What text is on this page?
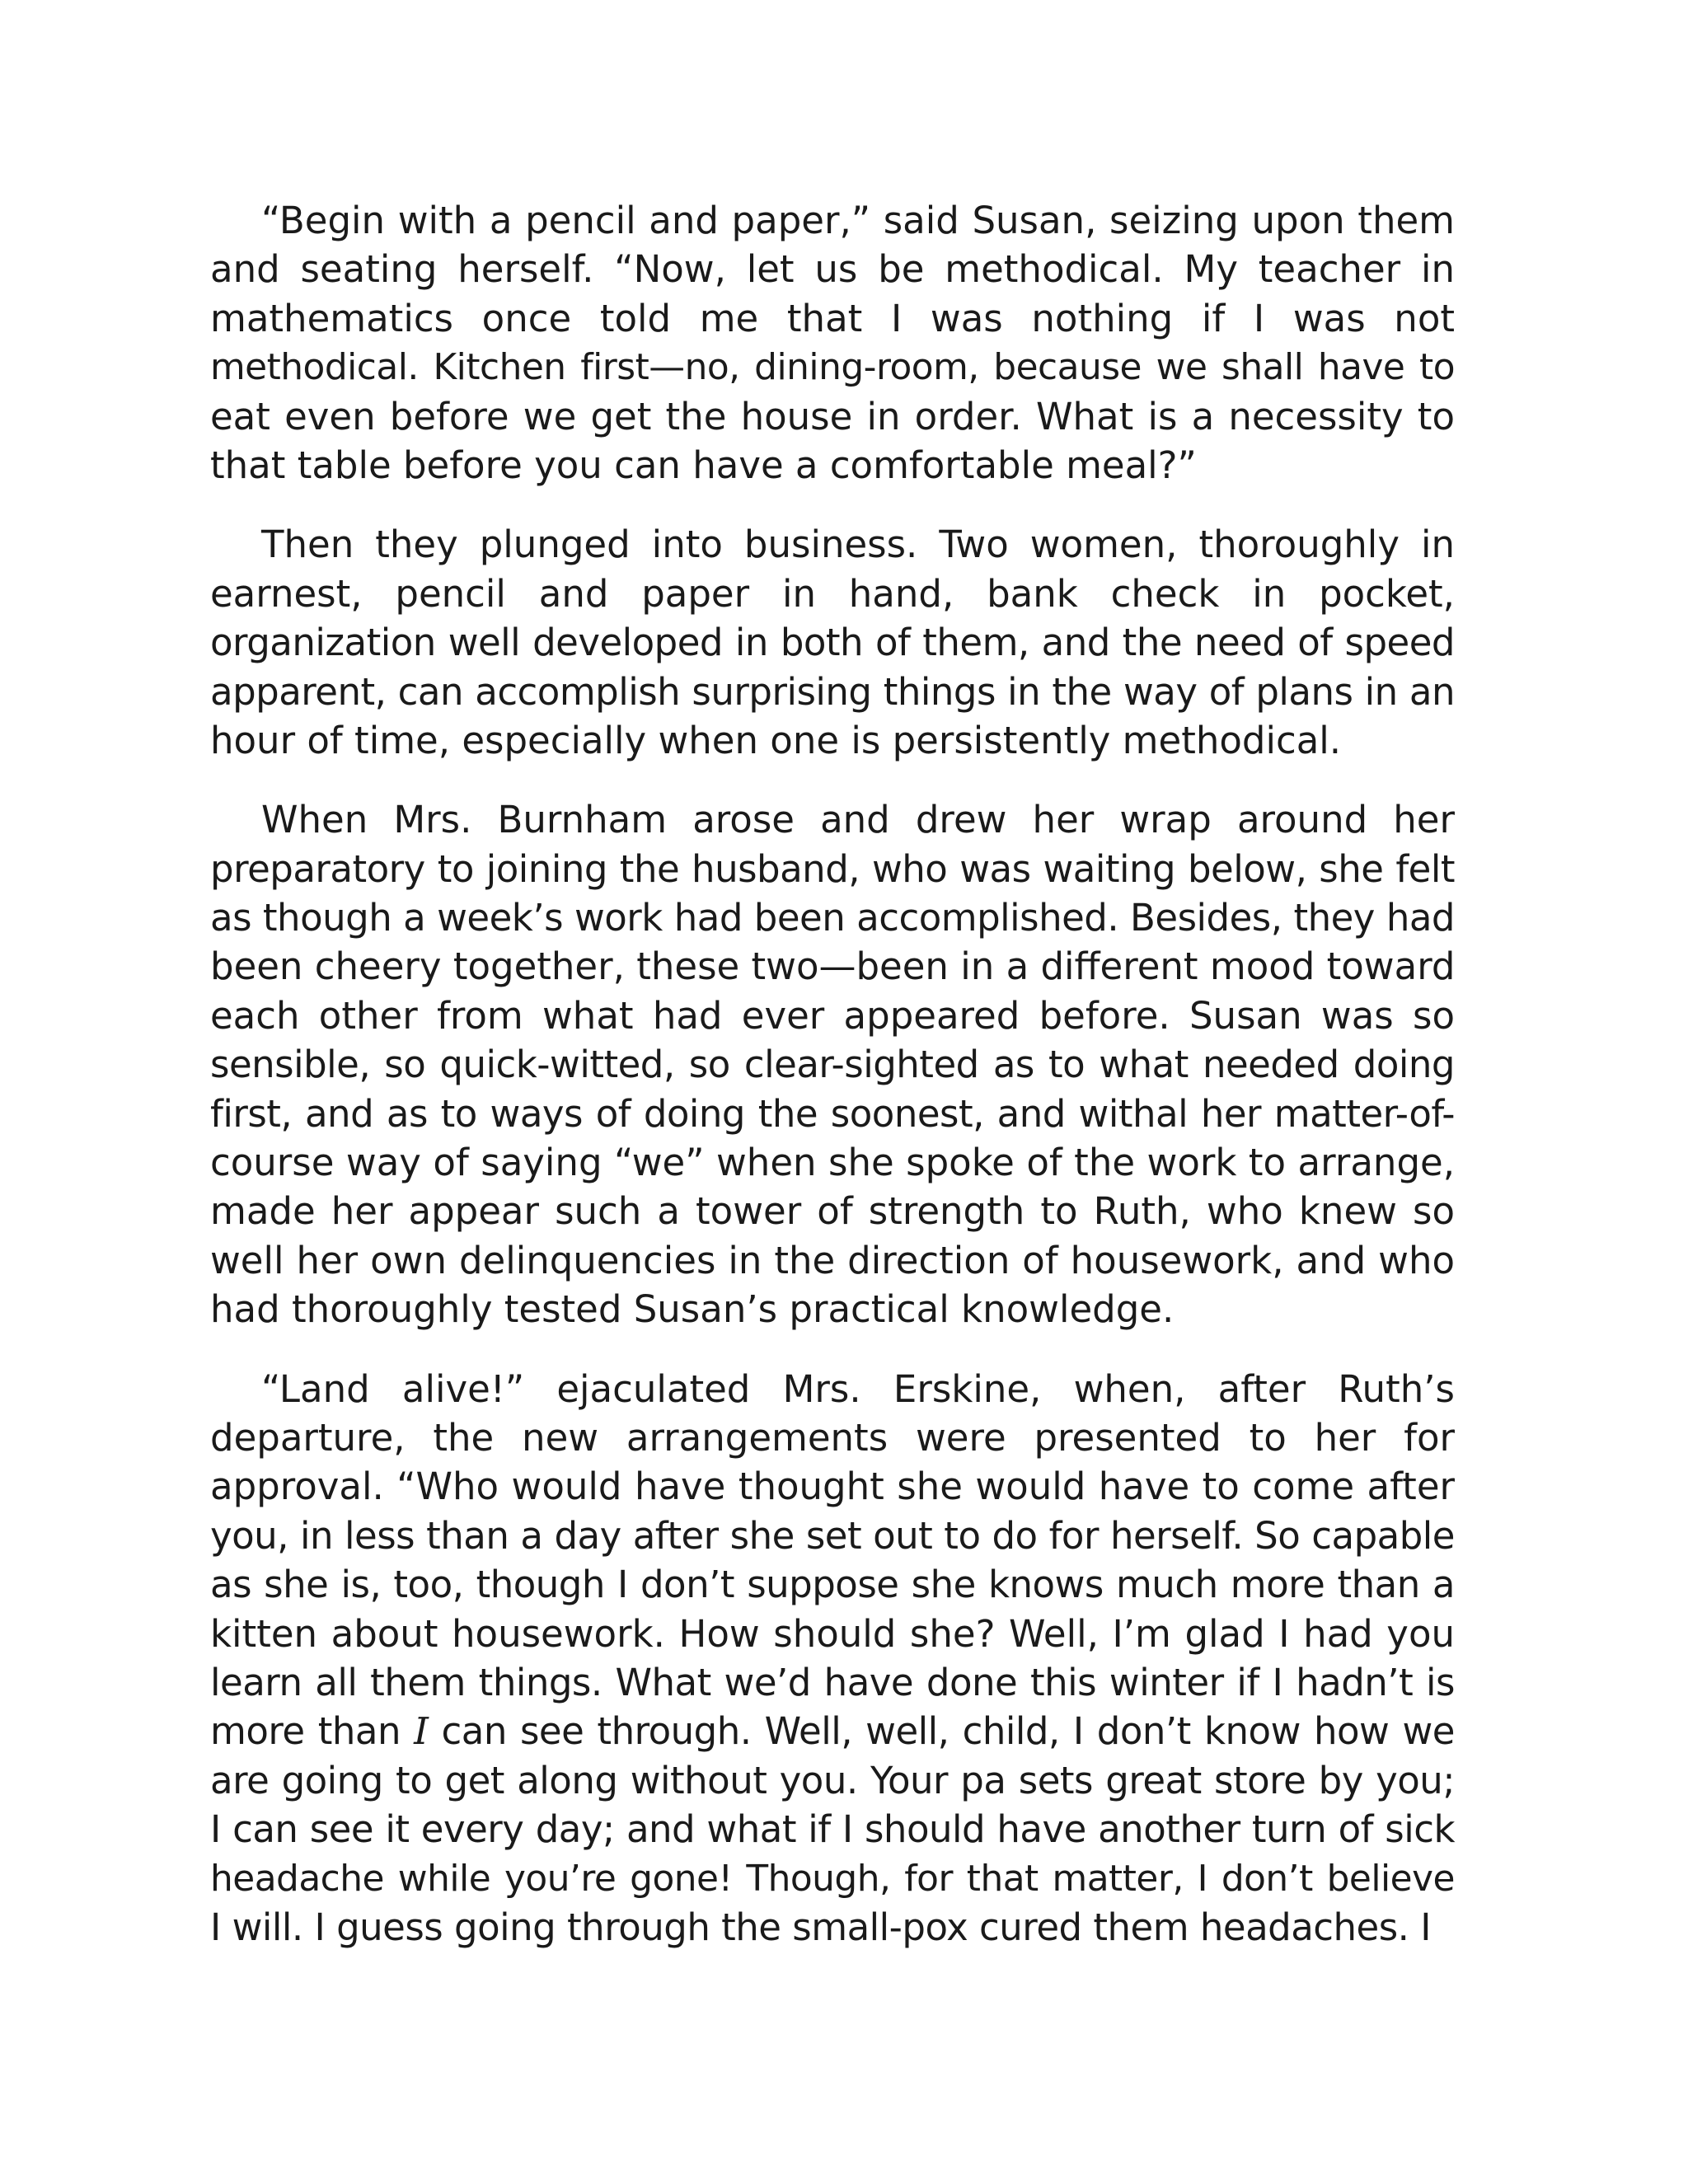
“Begin with a pencil and paper,” said Susan, seizing upon them
and seating herself. “Now, let us be methodical. My teacher in
mathematics once told me that I was nothing if I was not
methodical. Kitchen first—no, dining-room, because we shall have to
eat even before we get the house in order. What is a necessity to
that table before you can have a comfortable meal?”

Then they plunged into business. Two women, thoroughly in
earnest, pencil and paper in hand, bank check in pocket,
organization well developed in both of them, and the need of speed
apparent, can accomplish surprising things in the way of plans in an
hour of time, especially when one is persistently methodical.

When Mrs. Burnham arose and drew her wrap around her
preparatory to joining the husband, who was waiting below, she felt
as though a week’s work had been accomplished. Besides, they had
been cheery together, these two—been in a different mood toward
each other from what had ever appeared before. Susan was so
sensible, so quick-witted, so clear-sighted as to what needed doing
first, and as to ways of doing the soonest, and withal her matter-of-
course way of saying “we” when she spoke of the work to arrange,
made her appear such a tower of strength to Ruth, who knew so
well her own delinquencies in the direction of housework, and who
had thoroughly tested Susan’s practical knowledge.

“Land alive!” ejaculated Mrs. Erskine, when, after Ruth’s
departure, the new arrangements were presented to her for
approval. “Who would have thought she would have to come after
you, in less than a day after she set out to do for herself. So capable
as she is, too, though I don’t suppose she knows much more than a
kitten about housework. How should she? Well, I’m glad I had you
learn all them things. What we’d have done this winter if I hadn’t is
more than I can see through. Well, well, child, I don’t know how we
are going to get along without you. Your pa sets great store by you;
I can see it every day; and what if I should have another turn of sick
headache while you’re gone! Though, for that matter, I don’t believe
I will. I guess going through the small-pox cured them headaches. I
